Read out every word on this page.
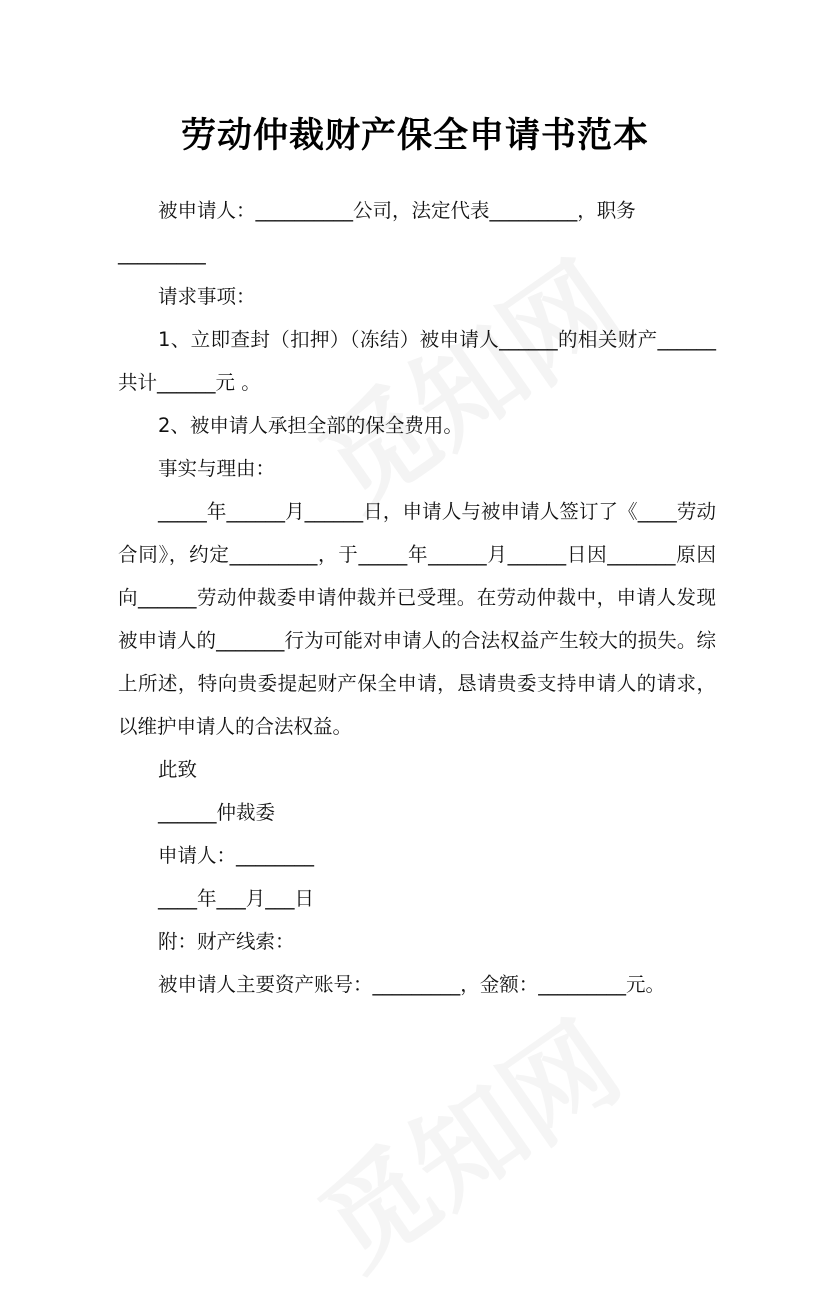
劳动仲裁财产保全申请书范本

被申请人：__________公司，法定代表_________，职务_________

请求事项：

1、立即查封（扣押）（冻结）被申请人______的相关财产______共计______元 。

2、被申请人承担全部的保全费用。

事实与理由：

_____年______月______日，申请人与被申请人签订了《____劳动合同》，约定_________，于_____年______月______日因_______原因向______劳动仲裁委申请仲裁并已受理。在劳动仲裁中，申请人发现被申请人的_______行为可能对申请人的合法权益产生较大的损失。综上所述，特向贵委提起财产保全申请，恳请贵委支持申请人的请求，以维护申请人的合法权益。

此致

______仲裁委

申请人：________

____年___月___日

附：财产线索：

被申请人主要资产账号：_________，金额：_________元。
